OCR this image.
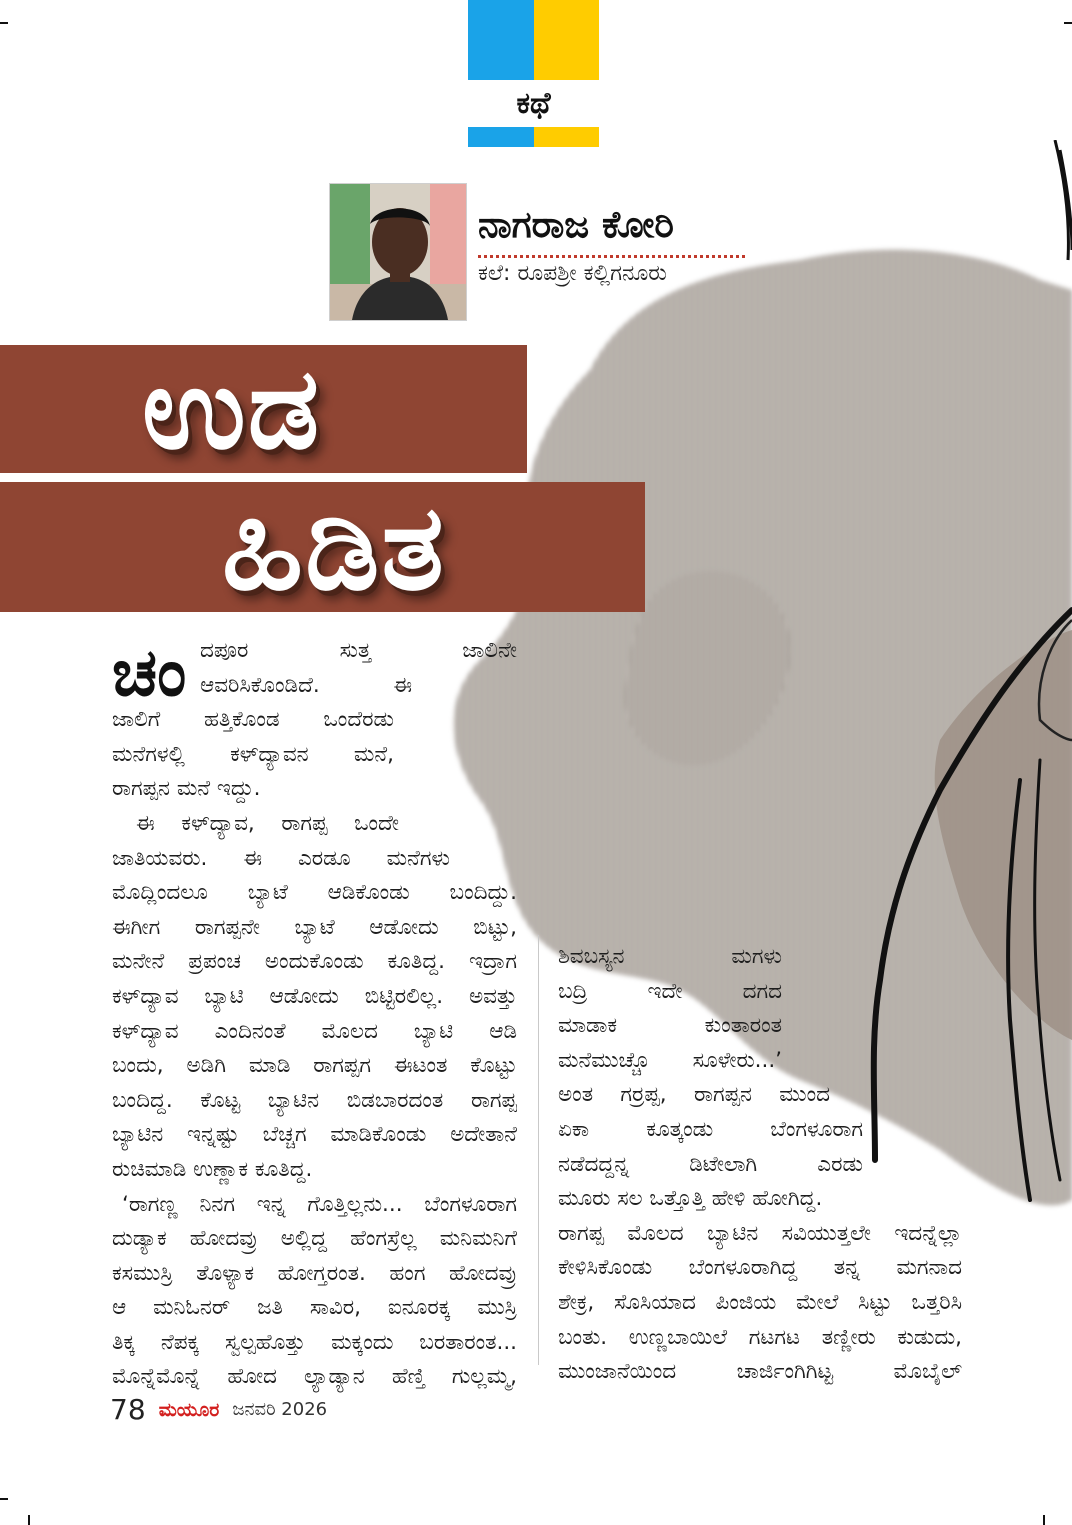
ಕಥೆ
ನಾಗರಾಜ ಕೋರಿ
ಕಲೆ: ರೂಪಶ್ರೀ ಕಲ್ಲಿಗನೂರು
ಉಡ
ಹಿಡಿತ
ಚಂ ದಪೂರ ಸುತ್ತ ಜಾಲಿನೇ
ಆವರಿಸಿಕೊಂಡಿದೆ. ಈ
ಜಾಲಿಗೆ ಹತ್ತಿಕೊಂಡ ಒಂದೆರಡು
ಮನೆಗಳಲ್ಲಿ ಕಳ್‌ದ್ಯಾವನ ಮನೆ,
ರಾಗಪ್ಪನ ಮನೆ ಇದ್ದು.

ಈ ಕಳ್‌ದ್ಯಾವ, ರಾಗಪ್ಪ ಒಂದೇ
ಜಾತಿಯವರು. ಈ ಎರಡೂ ಮನೆಗಳು
ಮೊದ್ಲಿಂದಲೂ ಬ್ಯಾಟೆ ಆಡಿಕೊಂಡು ಬಂದಿದ್ದು.
ಈಗೀಗ ರಾಗಪ್ಪನೇ ಬ್ಯಾಟೆ ಆಡೋದು ಬಿಟ್ಟು,
ಮನೇನೆ ಪ್ರಪಂಚ ಅಂದುಕೊಂಡು ಕೂತಿದ್ದ. ಇದ್ರಾಗ
ಕಳ್‌ದ್ಯಾವ ಬ್ಯಾಟಿ ಆಡೋದು ಬಿಟ್ಟಿರಲಿಲ್ಲ. ಅವತ್ತು
ಕಳ್‌ದ್ಯಾವ ಎಂದಿನಂತೆ ಮೊಲದ ಬ್ಯಾಟಿ ಆಡಿ
ಬಂದು, ಅಡಿಗಿ ಮಾಡಿ ರಾಗಪ್ಪಗ ಈಟಂತ ಕೊಟ್ಟು
ಬಂದಿದ್ದ. ಕೊಟ್ಟ ಬ್ಯಾಟಿನ ಬಿಡಬಾರದಂತ ರಾಗಪ್ಪ
ಬ್ಯಾಟಿನ ಇನ್ನಷ್ಟು ಬೆಚ್ಚಗ ಮಾಡಿಕೊಂಡು ಅದೇತಾನೆ
ರುಚಿಮಾಡಿ ಉಣ್ಣಾಕ ಕೂತಿದ್ದ.

‘ರಾಗಣ್ಣ ನಿನಗ ಇನ್ನ ಗೊತ್ತಿಲ್ಲನು... ಬೆಂಗಳೂರಾಗ
ದುಡ್ಯಾಕ ಹೋದವ್ರು ಅಲ್ಲಿದ್ದ ಹೆಂಗಸ್ರೆಲ್ಲ ಮನಿಮನಿಗೆ
ಕಸಮುಸ್ರಿ ತೊಳ್ಯಾಕ ಹೋಗ್ತರಂತ. ಹಂಗ ಹೋದವ್ರು
ಆ ಮನಿಓನರ್ ಜತಿ ಸಾವಿರ, ಐನೂರಕ್ಕ ಮುಸ್ರಿ
ತಿಕ್ಕ ನೆಪಕ್ಕ ಸ್ವಲ್ಪಹೊತ್ತು ಮಕ್ಕಂದು ಬರತಾರಂತ...
ಮೊನ್ನೆಮೊನ್ನೆ ಹೋದ ಲ್ಯಾಡ್ಯಾನ ಹೆಣ್ತಿ ಗುಲ್ಲಮ್ಮ,

ಶಿವಬಸ್ಯನ ಮಗಳು
ಬದ್ರಿ ಇದೇ ದಗದ
ಮಾಡಾಕ ಕುಂತಾರಂತ
ಮನೆಮುಚ್ಚೊ ಸೂಳೇರು...’
ಅಂತ ಗರ್ರಪ್ಪ, ರಾಗಪ್ಪನ ಮುಂದ
ಏಕಾ ಕೂತ್ಕಂಡು ಬೆಂಗಳೂರಾಗ
ನಡೆದದ್ದನ್ನ ಡಿಟೇಲಾಗಿ ಎರಡು
ಮೂರು ಸಲ ಒತ್ತೊತ್ತಿ ಹೇಳಿ ಹೋಗಿದ್ದ.

ರಾಗಪ್ಪ ಮೊಲದ ಬ್ಯಾಟಿನ ಸವಿಯುತ್ತಲೇ ಇದನ್ನೆಲ್ಲಾ
ಕೇಳಿಸಿಕೊಂಡು ಬೆಂಗಳೂರಾಗಿದ್ದ ತನ್ನ ಮಗನಾದ
ಶೇಕ್ರ, ಸೊಸಿಯಾದ ಪಿಂಜಿಯ ಮೇಲೆ ಸಿಟ್ಟು ಒತ್ತರಿಸಿ
ಬಂತು. ಉಣ್ಣಬಾಯಿಲೆ ಗಟಗಟ ತಣ್ಣೀರು ಕುಡುದು,
ಮುಂಜಾನೆಯಿಂದ ಚಾರ್ಜಿಂಗಿಗಿಟ್ಟ ಮೊಬೈಲ್

78 ಮಯೂರ ಜನವರಿ 2026
